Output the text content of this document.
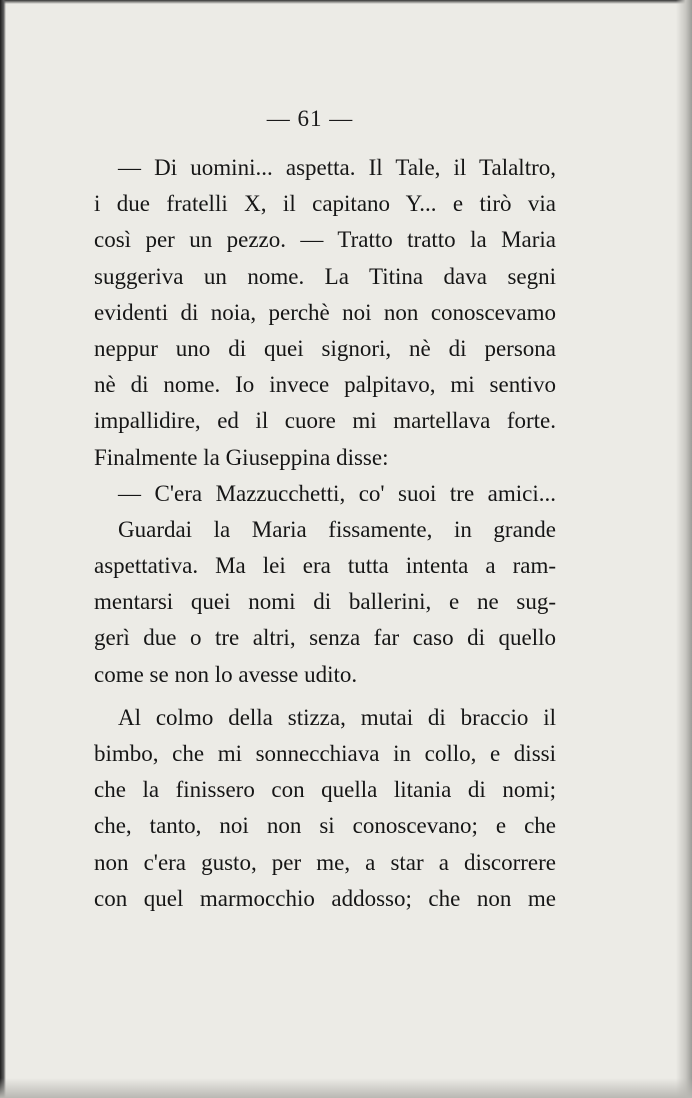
— 61 —
— Di uomini... aspetta. Il Tale, il Talaltro,
i due fratelli X, il capitano Y... e tirò via
così per un pezzo. — Tratto tratto la Maria
suggeriva un nome. La Titina dava segni
evidenti di noia, perchè noi non conoscevamo
neppur uno di quei signori, nè di persona
nè di nome. Io invece palpitavo, mi sentivo
impallidire, ed il cuore mi martellava forte.
Finalmente la Giuseppina disse:
— C'era Mazzucchetti, co' suoi tre amici...
Guardai la Maria fissamente, in grande
aspettativa. Ma lei era tutta intenta a ram-
mentarsi quei nomi di ballerini, e ne sug-
gerì due o tre altri, senza far caso di quello
come se non lo avesse udito.
Al colmo della stizza, mutai di braccio il
bimbo, che mi sonnecchiava in collo, e dissi
che la finissero con quella litania di nomi;
che, tanto, noi non si conoscevano; e che
non c'era gusto, per me, a star a discorrere
con quel marmocchio addosso; che non me
